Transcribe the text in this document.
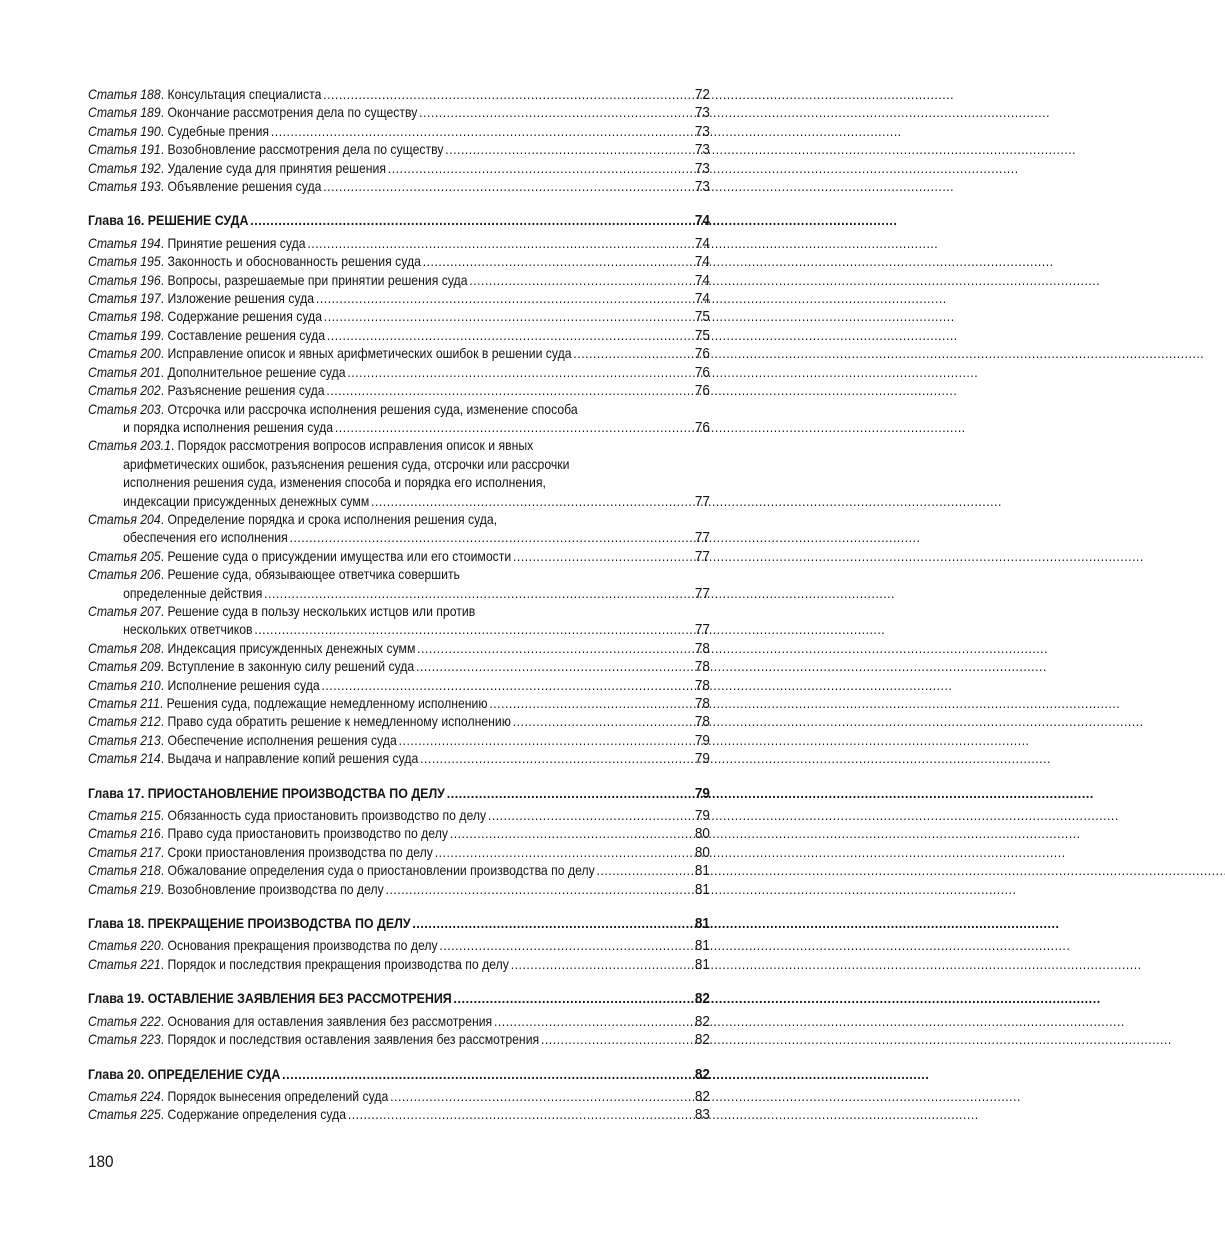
Статья 188. Консультация специалиста . . .	72
Статья 189. Окончание рассмотрения дела по существу . . .	73
Статья 190. Судебные прения . . .	73
Статья 191. Возобновление рассмотрения дела по существу . . .	73
Статья 192. Удаление суда для принятия решения . . .	73
Статья 193. Объявление решения суда . . .	73
Глава 16. РЕШЕНИЕ СУДА . . .	74
Статья 194. Принятие решения суда . . .	74
Статья 195. Законность и обоснованность решения суда . . .	74
Статья 196. Вопросы, разрешаемые при принятии решения суда . . .	74
Статья 197. Изложение решения суда . . .	74
Статья 198. Содержание решения суда . . .	75
Статья 199. Составление решения суда . . .	75
Статья 200. Исправление описок и явных арифметических ошибок в решении суда . . .	76
Статья 201. Дополнительное решение суда . . .	76
Статья 202. Разъяснение решения суда . . .	76
Статья 203. Отсрочка или рассрочка исполнения решения суда, изменение способа
и порядка исполнения решения суда . . .	76
Статья 203.1. Порядок рассмотрения вопросов исправления описок и явных
арифметических ошибок, разъяснения решения суда, отсрочки или рассрочки
исполнения решения суда, изменения способа и порядка его исполнения,
индексации присужденных денежных сумм . . .	77
Статья 204. Определение порядка и срока исполнения решения суда,
обеспечения его исполнения . . .	77
Статья 205. Решение суда о присуждении имущества или его стоимости . . .	77
Статья 206. Решение суда, обязывающее ответчика совершить
определенные действия . . .	77
Статья 207. Решение суда в пользу нескольких истцов или против
нескольких ответчиков . . .	77
Статья 208. Индексация присужденных денежных сумм . . .	78
Статья 209. Вступление в законную силу решений суда . . .	78
Статья 210. Исполнение решения суда . . .	78
Статья 211. Решения суда, подлежащие немедленному исполнению . . .	78
Статья 212. Право суда обратить решение к немедленному исполнению . . .	78
Статья 213. Обеспечение исполнения решения суда . . .	79
Статья 214. Выдача и направление копий решения суда . . .	79
Глава 17. ПРИОСТАНОВЛЕНИЕ ПРОИЗВОДСТВА ПО ДЕЛУ . . .	79
Статья 215. Обязанность суда приостановить производство по делу . . .	79
Статья 216. Право суда приостановить производство по делу . . .	80
Статья 217. Сроки приостановления производства по делу . . .	80
Статья 218. Обжалование определения суда о приостановлении производства по делу . . .	81
Статья 219. Возобновление производства по делу . . .	81
Глава 18. ПРЕКРАЩЕНИЕ ПРОИЗВОДСТВА ПО ДЕЛУ . . .	81
Статья 220. Основания прекращения производства по делу . . .	81
Статья 221. Порядок и последствия прекращения производства по делу . . .	81
Глава 19. ОСТАВЛЕНИЕ ЗАЯВЛЕНИЯ БЕЗ РАССМОТРЕНИЯ . . .	82
Статья 222. Основания для оставления заявления без рассмотрения . . .	82
Статья 223. Порядок и последствия оставления заявления без рассмотрения . . .	82
Глава 20. ОПРЕДЕЛЕНИЕ СУДА . . .	82
Статья 224. Порядок вынесения определений суда . . .	82
Статья 225. Содержание определения суда . . .	83
180
